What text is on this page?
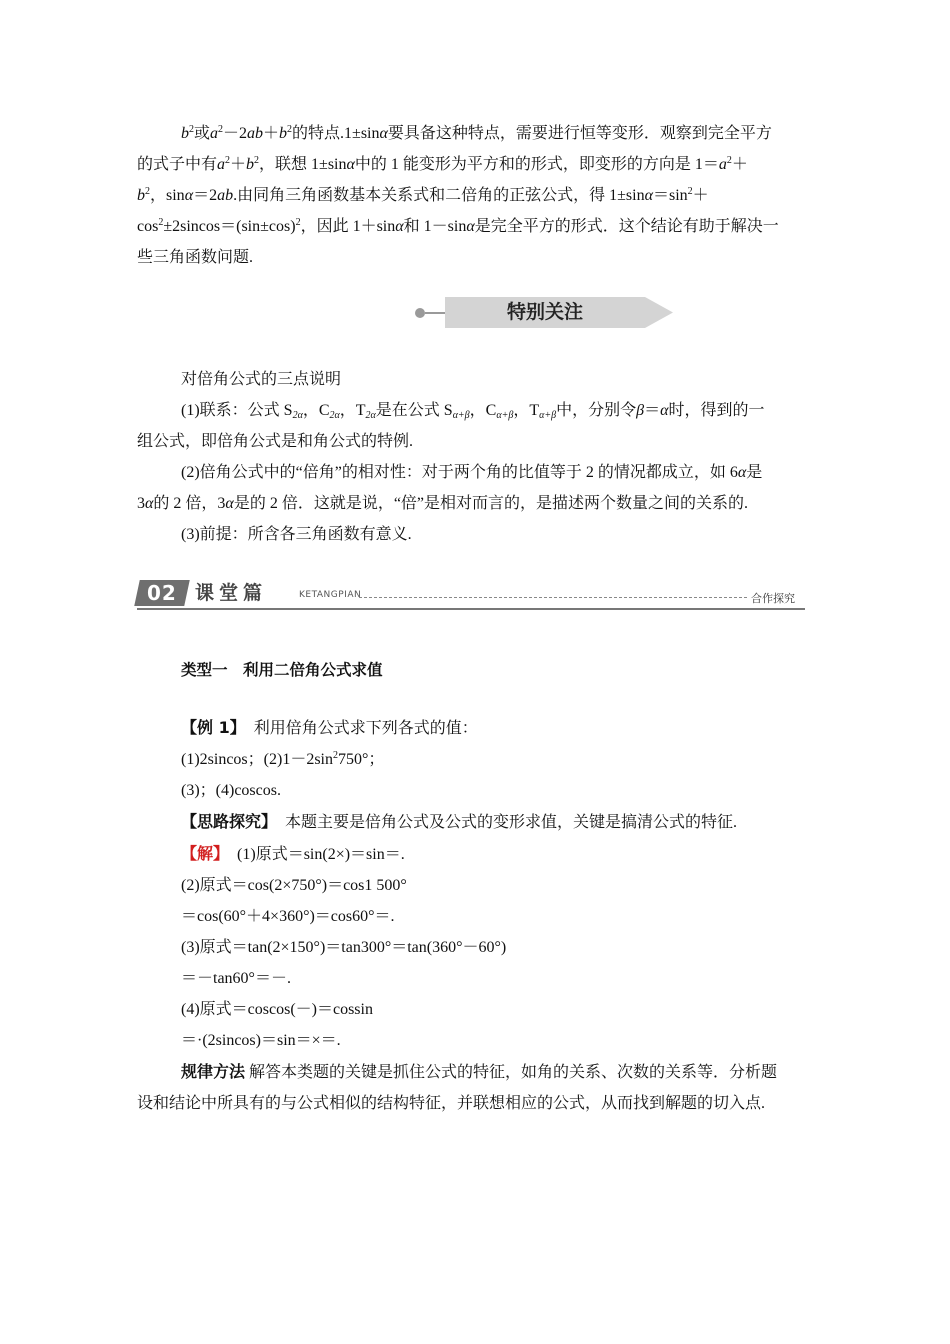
$b^2$或$a^2-2ab+b^2$的特点.1±sinα要具备这种特点，需要进行恒等变形．观察到完全平方

的式子中有$a^2+b^2$，联想 1±sinα中的 1 能变形为平方和的形式，即变形的方向是 $1=a^2+$

$b^2$，sinα＝2ab.由同角三角函数基本关系式和二倍角的正弦公式，得 $1\pm\sin\alpha=\sin^2+$

$\cos^2\pm 2sincos=(\sin\pm\cos)^2$，因此 1＋sinα和 1－sinα是完全平方的形式．这个结论有助于解决一

些三角函数问题.

特别关注

对倍角公式的三点说明

(1)联系：公式 $S_{2\alpha}$，$C_{2\alpha}$，$T_{2\alpha}$是在公式 $S_{\alpha+\beta}$，$C_{\alpha+\beta}$，$T_{\alpha+\beta}$中，分别令β＝α时，得到的一

组公式，即倍角公式是和角公式的特例.

(2)倍角公式中的“倍角”的相对性：对于两个角的比值等于 2 的情况都成立，如 6α是

3α的 2 倍，3α是的 2 倍．这就是说，“倍”是相对而言的，是描述两个数量之间的关系的.

(3)前提：所含各三角函数有意义.

02 课堂篇	KETANGPIAN	合作探究
类型一　利用二倍角公式求值

【例 1】　 利用倍角公式求下列各式的值：

(1)2sincos；$(2)1-2\sin^2750^\circ$；

(3)；(4)coscos.

【思路探究】　 本题主要是倍角公式及公式的变形求值，关键是搞清公式的特征.

【解】　 (1)原式＝sin(2×)＝sin＝.

(2)原式＝cos(2×750°)＝cos1 500°

＝cos(60°＋4×360°)＝cos60°＝.

(3)原式＝tan(2×150°)＝tan300°＝tan(360°－60°)

＝－tan60°＝－.

(4)原式＝coscos(－)＝cossin

＝·(2sincos)＝sin＝×＝.

规律方法 解答本类题的关键是抓住公式的特征，如角的关系、次数的关系等．分析题

设和结论中所具有的与公式相似的结构特征，并联想相应的公式，从而找到解题的切入点.
